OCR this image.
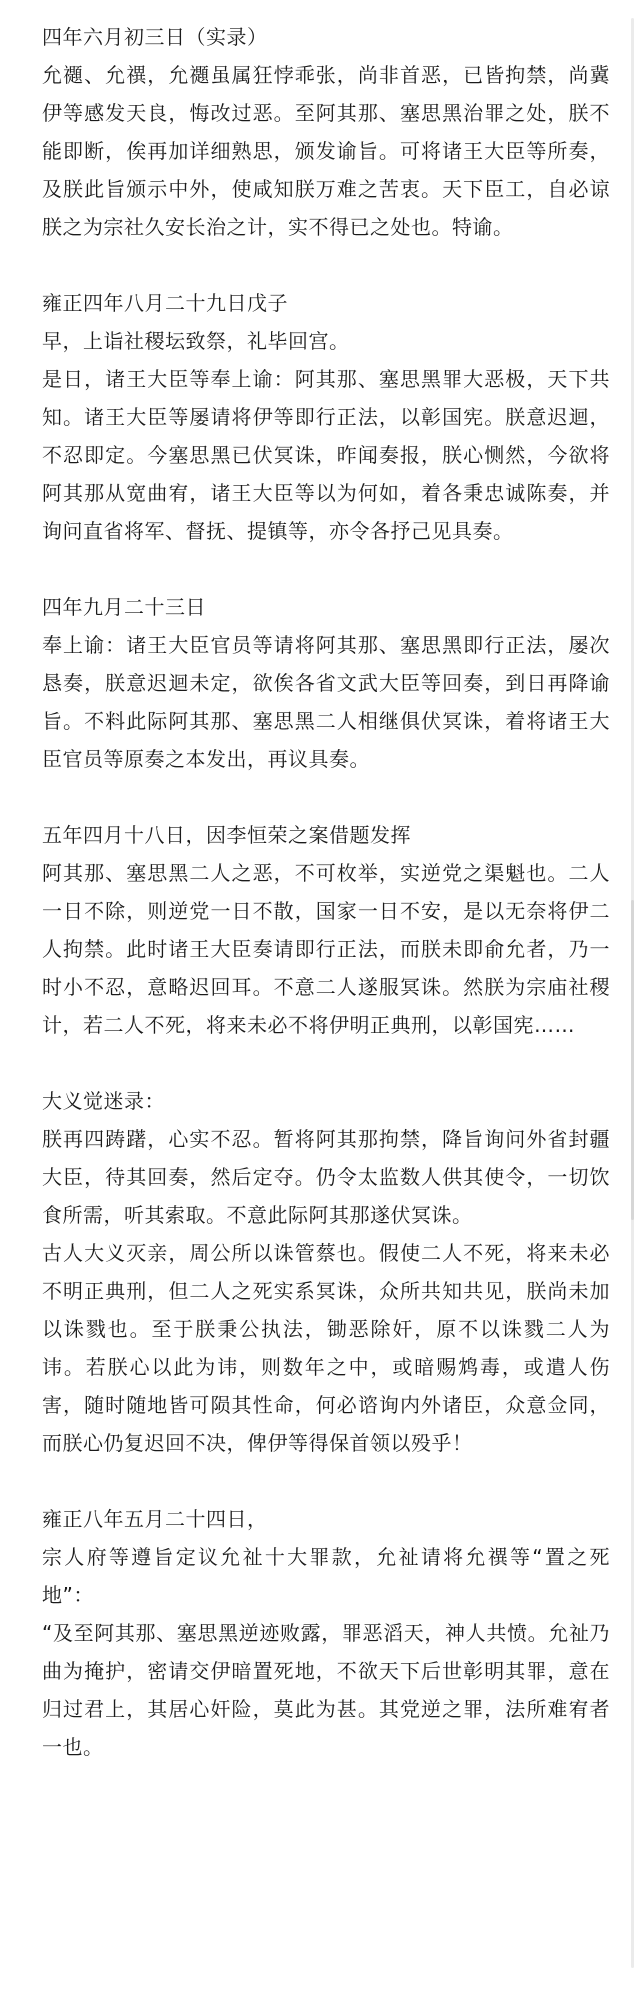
四年六月初三日（实录）

允禵、允禩，允禵虽属狂悖乖张，尚非首恶，已皆拘禁，尚冀伊等感发天良，悔改过恶。至阿其那、塞思黑治罪之处，朕不能即断，俟再加详细熟思，颁发谕旨。可将诸王大臣等所奏，及朕此旨颁示中外，使咸知朕万难之苦衷。天下臣工，自必谅朕之为宗社久安长治之计，实不得已之处也。特谕。

雍正四年八月二十九日戊子

早，上诣社稷坛致祭，礼毕回宫。

是日，诸王大臣等奉上谕：阿其那、塞思黑罪大恶极，天下共知。诸王大臣等屡请将伊等即行正法，以彰国宪。朕意迟迴，不忍即定。今塞思黑已伏冥诛，昨闻奏报，朕心恻然，今欲将阿其那从宽曲宥，诸王大臣等以为何如，着各秉忠诚陈奏，并询问直省将军、督抚、提镇等，亦令各抒己见具奏。

四年九月二十三日

奉上谕：诸王大臣官员等请将阿其那、塞思黑即行正法，屡次恳奏，朕意迟迴未定，欲俟各省文武大臣等回奏，到日再降谕旨。不料此际阿其那、塞思黑二人相继俱伏冥诛，着将诸王大臣官员等原奏之本发出，再议具奏。

五年四月十八日，因李恒荣之案借题发挥

阿其那、塞思黑二人之恶，不可枚举，实逆党之渠魁也。二人一日不除，则逆党一日不散，国家一日不安，是以无奈将伊二人拘禁。此时诸王大臣奏请即行正法，而朕未即俞允者，乃一时小不忍，意略迟回耳。不意二人遂服冥诛。然朕为宗庙社稷计，若二人不死，将来未必不将伊明正典刑，以彰国宪……

大义觉迷录：

朕再四踌躇，心实不忍。暂将阿其那拘禁，降旨询问外省封疆大臣，待其回奏，然后定夺。仍令太监数人供其使令，一切饮食所需，听其索取。不意此际阿其那遂伏冥诛。

古人大义灭亲，周公所以诛管蔡也。假使二人不死，将来未必不明正典刑，但二人之死实系冥诛，众所共知共见，朕尚未加以诛戮也。至于朕秉公执法，锄恶除奸，原不以诛戮二人为讳。若朕心以此为讳，则数年之中，或暗赐鸩毒，或遣人伤害，随时随地皆可陨其性命，何必谘询内外诸臣，众意佥同，而朕心仍复迟回不决，俾伊等得保首领以殁乎！

雍正八年五月二十四日，

宗人府等遵旨定议允祉十大罪款，允祉请将允禩等“置之死地”：

“及至阿其那、塞思黑逆迹败露，罪恶滔天，神人共愤。允祉乃曲为掩护，密请交伊暗置死地，不欲天下后世彰明其罪，意在归过君上，其居心奸险，莫此为甚。其党逆之罪，法所难宥者一也。
